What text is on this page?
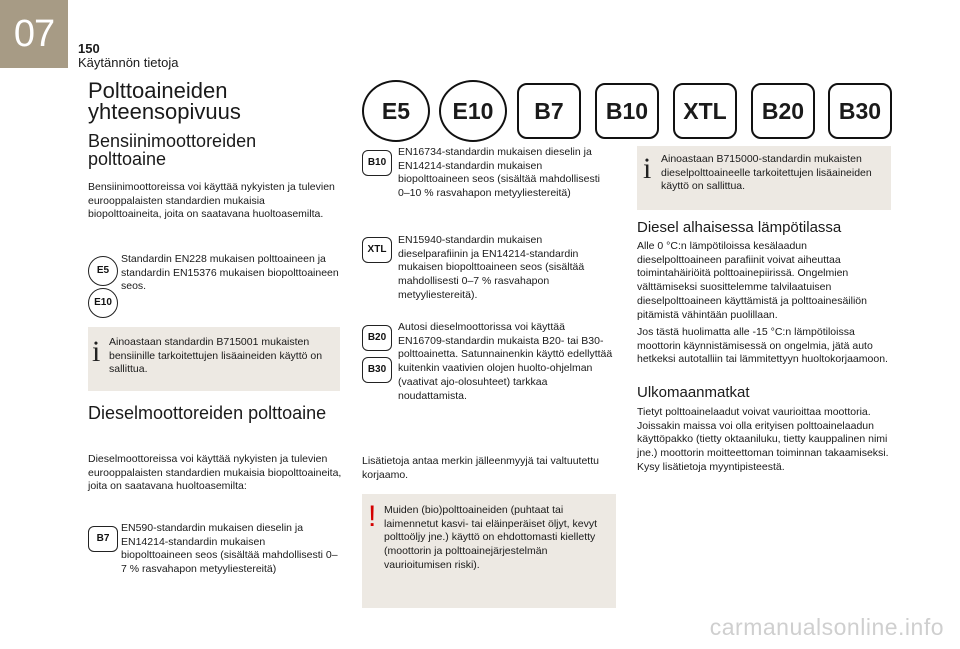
07	150
Käytännön tietoja
Polttoaineiden yhteensopivuus
Bensiinimoottoreiden polttoaine

Bensiinimoottoreissa voi käyttää nykyisten ja tulevien eurooppalaisten standardien mukaisia biopolttoaineita, joita on saatavana huoltoasemilta.

E5
E10

Standardin EN228 mukaisen polttoaineen ja standardin EN15376 mukaisen biopolttoaineen seos.

i Ainoastaan standardin B715001 mukaisten bensiinille tarkoitettujen lisäaineiden käyttö on sallittua.

Dieselmoottoreiden polttoaine

Dieselmoottoreissa voi käyttää nykyisten ja tulevien eurooppalaisten standardien mukaisia biopolttoaineita, joita on saatavana huoltoasemilta:

B7

EN590-standardin mukaisen dieselin ja EN14214-standardin mukaisen biopolttoaineen seos (sisältää mahdollisesti 0–7 % rasvahapon metyyliestereitä)

E5	E10	B7	B10	XTL	B20	B30
B10

EN16734-standardin mukaisen dieselin ja EN14214-standardin mukaisen biopolttoaineen seos (sisältää mahdollisesti 0–10 % rasvahapon metyyliestereitä)

XTL

EN15940-standardin mukaisen dieselparafiinin ja EN14214-standardin mukaisen biopolttoaineen seos (sisältää mahdollisesti 0–7 % rasvahapon metyyliestereitä).

B20
B30

Autosi dieselmoottorissa voi käyttää EN16709-standardin mukaista B20- tai B30-polttoainetta. Satunnainenkin käyttö edellyttää kuitenkin vaativien olojen huolto-ohjelman (vaativat ajo-olosuhteet) tarkkaa noudattamista.

Lisätietoja antaa merkin jälleenmyyjä tai valtuutettu korjaamo.

! Muiden (bio)polttoaineiden (puhtaat tai laimennetut kasvi- tai eläinperäiset öljyt, kevyt polttoöljy jne.) käyttö on ehdottomasti kielletty (moottorin ja polttoainejärjestelmän vaurioitumisen riski).

i Ainoastaan B715000-standardin mukaisten dieselpolttoaineelle tarkoitettujen lisäaineiden käyttö on sallittua.

Diesel alhaisessa lämpötilassa

Alle 0 °C:n lämpötiloissa kesälaadun dieselpolttoaineen parafiinit voivat aiheuttaa toimintahäiriöitä polttoainepiirissä. Ongelmien välttämiseksi suosittelemme talvilaatuisen dieselpolttoaineen käyttämistä ja polttoainesäiliön pitämistä vähintään puolillaan.

Jos tästä huolimatta alle -15 °C:n lämpötiloissa moottorin käynnistämisessä on ongelmia, jätä auto hetkeksi autotalliin tai lämmitettyyn huoltokorjaamoon.

Ulkomaanmatkat

Tietyt polttoainelaadut voivat vaurioittaa moottoria. Joissakin maissa voi olla erityisen polttoainelaadun käyttöpakko (tietty oktaaniluku, tietty kauppalinen nimi jne.) moottorin moitteettoman toiminnan takaamiseksi. Kysy lisätietoja myyntipisteestä.

carmanualsonline.info
